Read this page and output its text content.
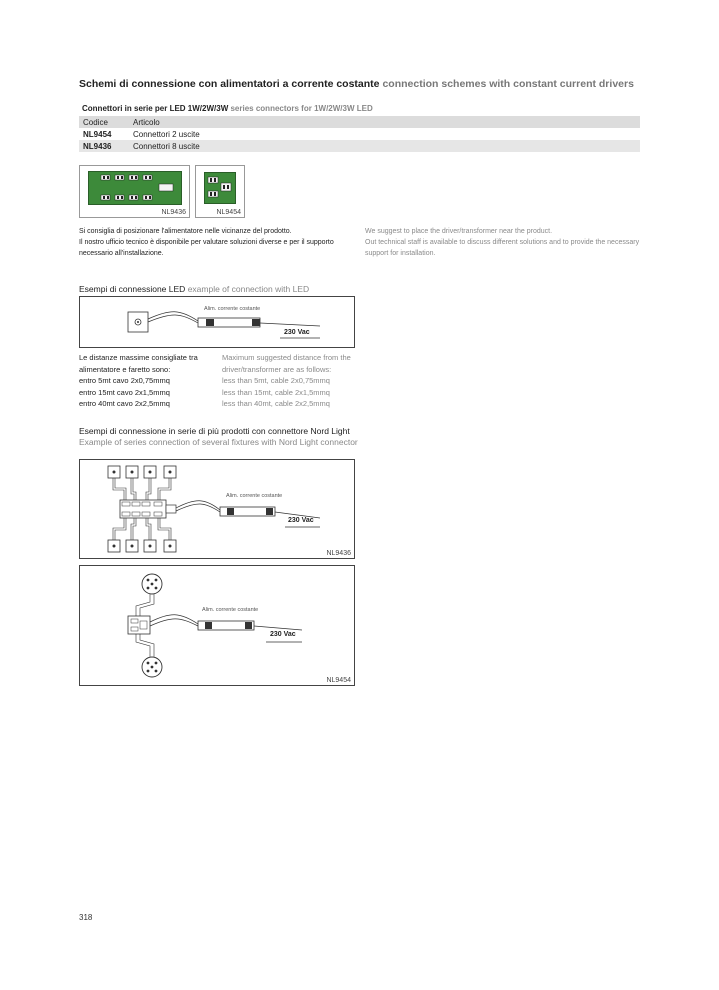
Schemi di connessione con alimentatori a corrente costante connection schemes with constant current drivers
Connettori in serie per LED 1W/2W/3W series connectors for 1W/2W/3W LED
Codice	Articolo
NL9454	Connettori 2 uscite
NL9436	Connettori 8 uscite
NL9436	NL9454
Si consiglia di posizionare l'alimentatore nelle vicinanze del prodotto.
Il nostro ufficio tecnico è disponibile per valutare soluzioni diverse e per il supporto
necessario all'installazione.
We suggest to place the driver/transformer near the product.
Out technical staff is available to discuss different solutions and to provide the necessary
support for installation.
Esempi di connessione LED example of connection with LED
Alim. corrente costante
230 Vac
Le distanze massime consigliate tra
alimentatore e faretto sono:
entro 5mt cavo 2x0,75mmq
entro 15mt cavo 2x1,5mmq
entro 40mt cavo 2x2,5mmq
Maximum suggested distance from the
driver/transformer are as follows:
less than 5mt, cable 2x0,75mmq
less than 15mt, cable 2x1,5mmq
less than 40mt, cable 2x2,5mmq
Esempi di connessione in serie di più prodotti con connettore Nord Light
Example of series connection of several fixtures with Nord Light connector
Alim. corrente costante
230 Vac
NL9436
Alim. corrente costante
230 Vac
NL9454
318
